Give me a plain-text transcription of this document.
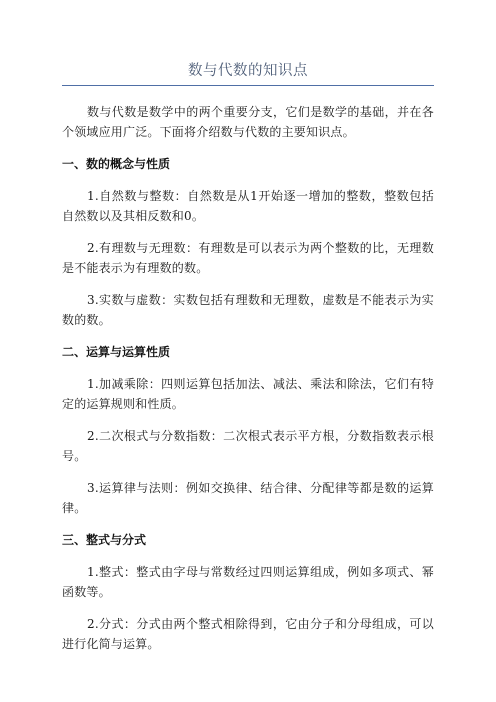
数与代数的知识点

数与代数是数学中的两个重要分支，它们是数学的基础，并在各个领域应用广泛。下面将介绍数与代数的主要知识点。

一、数的概念与性质

1.自然数与整数：自然数是从1开始逐一增加的整数，整数包括自然数以及其相反数和0。

2.有理数与无理数：有理数是可以表示为两个整数的比，无理数是不能表示为有理数的数。

3.实数与虚数：实数包括有理数和无理数，虚数是不能表示为实数的数。

二、运算与运算性质

1.加减乘除：四则运算包括加法、减法、乘法和除法，它们有特定的运算规则和性质。

2.二次根式与分数指数：二次根式表示平方根，分数指数表示根号。

3.运算律与法则：例如交换律、结合律、分配律等都是数的运算律。

三、整式与分式

1.整式：整式由字母与常数经过四则运算组成，例如多项式、幂函数等。

2.分式：分式由两个整式相除得到，它由分子和分母组成，可以进行化简与运算。
